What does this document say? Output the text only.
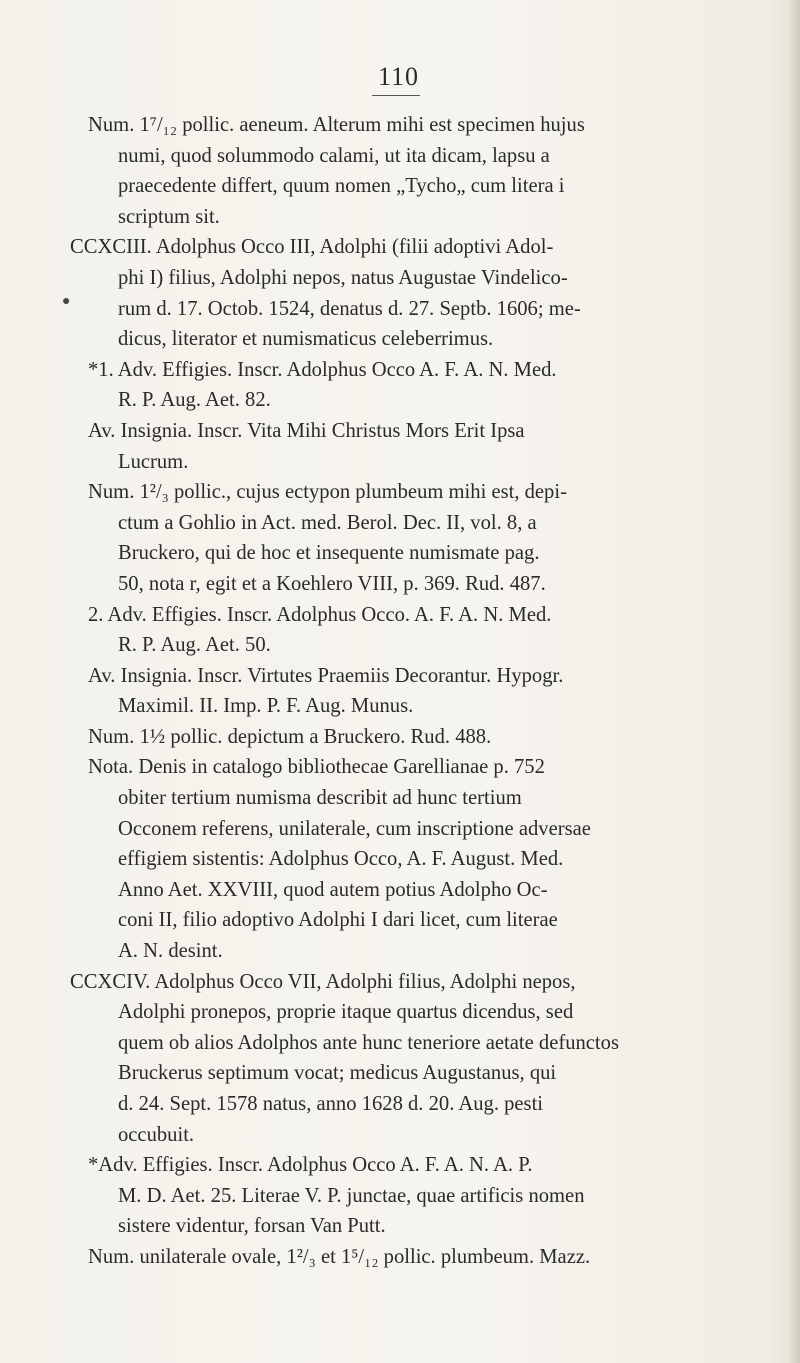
110
●
Num. 1⁷/₁₂ pollic. aeneum. Alterum mihi est specimen hujus
numi, quod solummodo calami, ut ita dicam, lapsu a
praecedente differt, quum nomen „Tycho„ cum litera i
scriptum sit.
CCXCIII. Adolphus Occo III, Adolphi (filii adoptivi Adol-
phi I) filius, Adolphi nepos, natus Augustae Vindelico-
rum d. 17. Octob. 1524, denatus d. 27. Septb. 1606; me-
dicus, literator et numismaticus celeberrimus.
*1. Adv. Effigies. Inscr. Adolphus Occo A. F. A. N. Med.
R. P. Aug. Aet. 82.
Av. Insignia. Inscr. Vita Mihi Christus Mors Erit Ipsa
Lucrum.
Num. 1²/₃ pollic., cujus ectypon plumbeum mihi est, depi-
ctum a Gohlio in Act. med. Berol. Dec. II, vol. 8, a
Bruckero, qui de hoc et insequente numismate pag.
50, nota r, egit et a Koehlero VIII, p. 369. Rud. 487.
2. Adv. Effigies. Inscr. Adolphus Occo. A. F. A. N. Med.
R. P. Aug. Aet. 50.
Av. Insignia. Inscr. Virtutes Praemiis Decorantur. Hypogr.
Maximil. II. Imp. P. F. Aug. Munus.
Num. 1½ pollic. depictum a Bruckero. Rud. 488.
Nota. Denis in catalogo bibliothecae Garellianae p. 752
obiter tertium numisma describit ad hunc tertium
Occonem referens, unilaterale, cum inscriptione adversae
effigiem sistentis: Adolphus Occo, A. F. August. Med.
Anno Aet. XXVIII, quod autem potius Adolpho Oc-
coni II, filio adoptivo Adolphi I dari licet, cum literae
A. N. desint.
CCXCIV. Adolphus Occo VII, Adolphi filius, Adolphi nepos,
Adolphi pronepos, proprie itaque quartus dicendus, sed
quem ob alios Adolphos ante hunc teneriore aetate defunctos
Bruckerus septimum vocat; medicus Augustanus, qui
d. 24. Sept. 1578 natus, anno 1628 d. 20. Aug. pesti
occubuit.
*Adv. Effigies. Inscr. Adolphus Occo A. F. A. N. A. P.
M. D. Aet. 25. Literae V. P. junctae, quae artificis nomen
sistere videntur, forsan Van Putt.
Num. unilaterale ovale, 1²/₃ et 1⁵/₁₂ pollic. plumbeum. Mazz.
